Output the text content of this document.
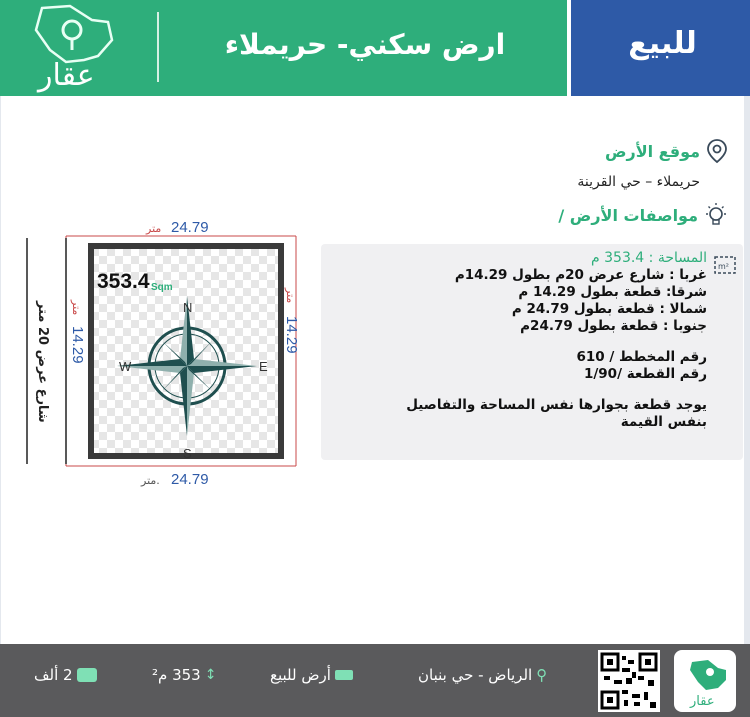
عقار
ارض سكني- حريملاء	للبيع
موقع الأرض
حريملاء – حي القرينة
مواصفات الأرض /
m²
المساحة : 353.4 م
غربا : شارع عرض 20م بطول 14.29م
شرقا: قطعة بطول 14.29 م
شمالا : قطعة بطول 24.79 م
جنوبا : قطعة بطول 24.79م
رقم المخطط / 610
رقم القطعة /1/90
يوجد قطعة بجوارها نفس المساحة والتفاصيل
بنفس القيمة
353.4 Sqm
N
S
E
W
24.79
متر
24.79
متر.
14.29
متر
14.29
متر
شارع عرض 20 متر
عقار
⚲
الرياض - حي بنبان
أرض للبيع
↕
353 م²
2 ألف
